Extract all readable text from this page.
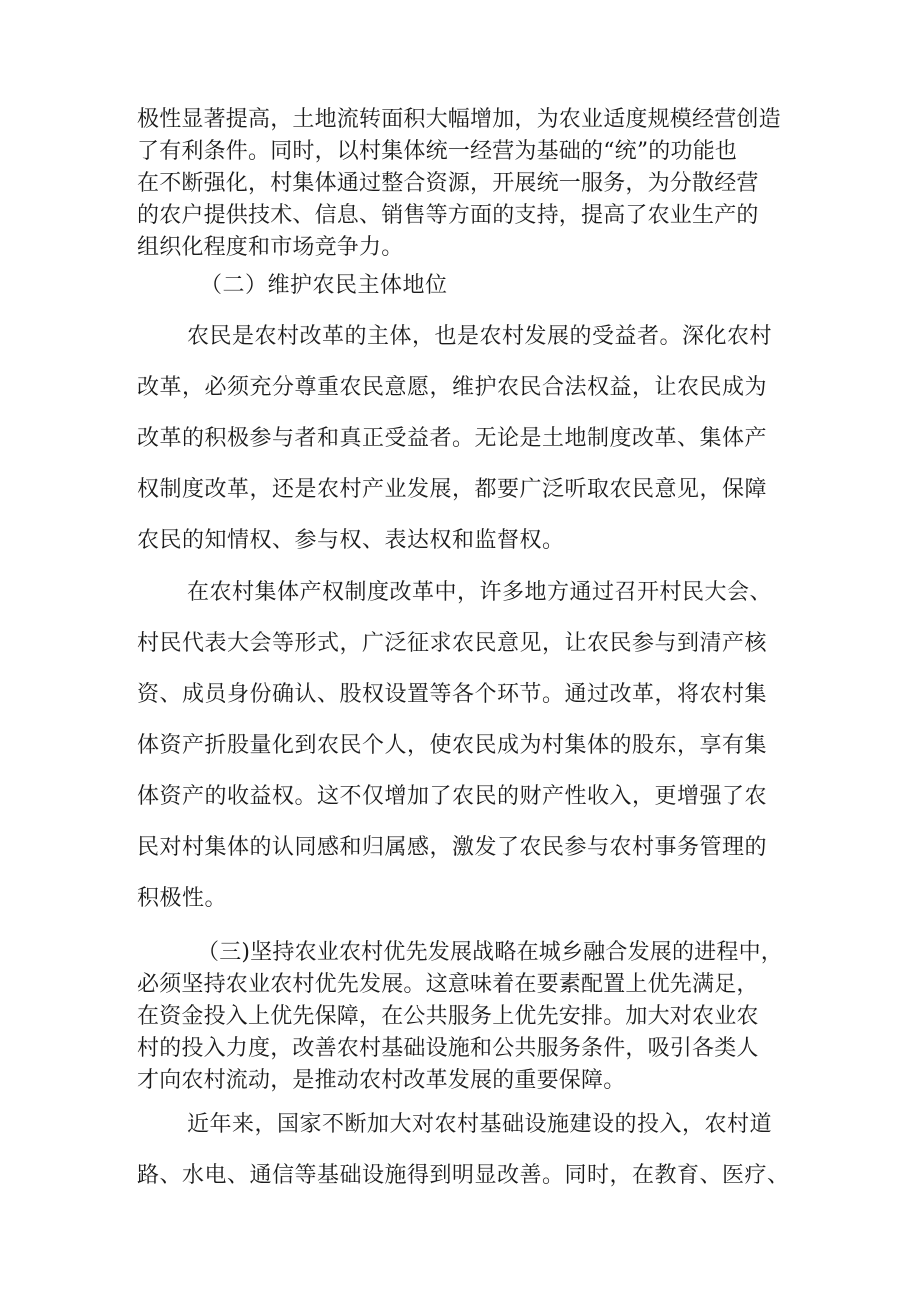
极性显著提高，土地流转面积大幅增加，为农业适度规模经营创造
了有利条件。同时，以村集体统一经营为基础的“统”的功能也
在不断强化，村集体通过整合资源，开展统一服务，为分散经营
的农户提供技术、信息、销售等方面的支持，提高了农业生产的
组织化程度和市场竞争力。
（二）维护农民主体地位
农民是农村改革的主体，也是农村发展的受益者。深化农村
改革，必须充分尊重农民意愿，维护农民合法权益，让农民成为
改革的积极参与者和真正受益者。无论是土地制度改革、集体产
权制度改革，还是农村产业发展，都要广泛听取农民意见，保障
农民的知情权、参与权、表达权和监督权。
在农村集体产权制度改革中，许多地方通过召开村民大会、
村民代表大会等形式，广泛征求农民意见，让农民参与到清产核
资、成员身份确认、股权设置等各个环节。通过改革，将农村集
体资产折股量化到农民个人，使农民成为村集体的股东，享有集
体资产的收益权。这不仅增加了农民的财产性收入，更增强了农
民对村集体的认同感和归属感，激发了农民参与农村事务管理的
积极性。
（三)坚持农业农村优先发展战略在城乡融合发展的进程中，
必须坚持农业农村优先发展。这意味着在要素配置上优先满足，
在资金投入上优先保障，在公共服务上优先安排。加大对农业农
村的投入力度，改善农村基础设施和公共服务条件，吸引各类人
才向农村流动，是推动农村改革发展的重要保障。
近年来，国家不断加大对农村基础设施建设的投入，农村道
路、水电、通信等基础设施得到明显改善。同时，在教育、医疗、
